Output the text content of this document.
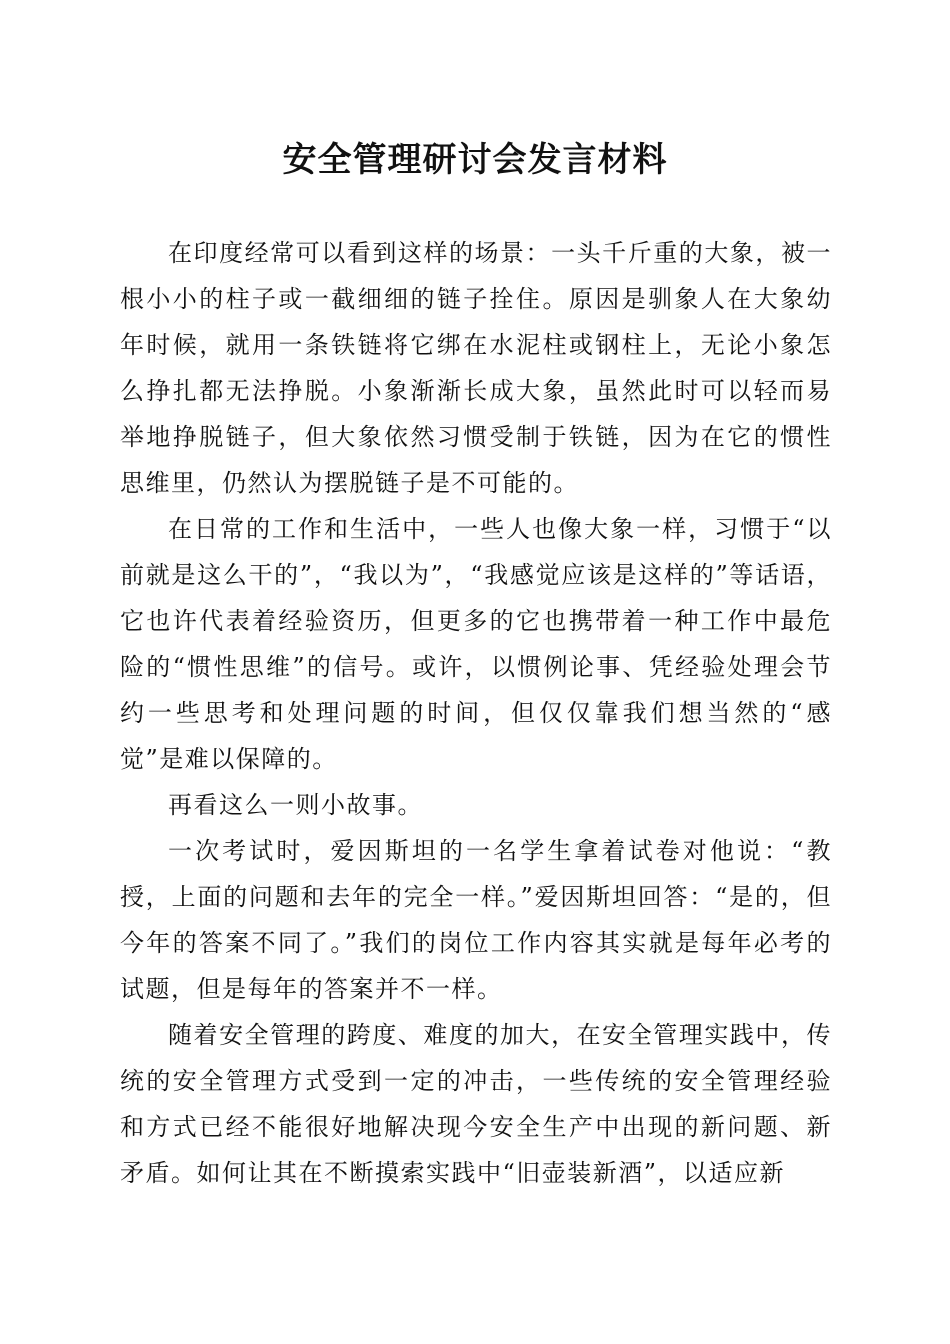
安全管理研讨会发言材料

在印度经常可以看到这样的场景：一头千斤重的大象，被一根小小的柱子或一截细细的链子拴住。原因是驯象人在大象幼年时候，就用一条铁链将它绑在水泥柱或钢柱上，无论小象怎么挣扎都无法挣脱。小象渐渐长成大象，虽然此时可以轻而易举地挣脱链子，但大象依然习惯受制于铁链，因为在它的惯性思维里，仍然认为摆脱链子是不可能的。

在日常的工作和生活中，一些人也像大象一样，习惯于“以前就是这么干的”，“我以为”，“我感觉应该是这样的”等话语，它也许代表着经验资历，但更多的它也携带着一种工作中最危险的“惯性思维”的信号。或许，以惯例论事、凭经验处理会节约一些思考和处理问题的时间，但仅仅靠我们想当然的“感觉”是难以保障的。

再看这么一则小故事。

一次考试时，爱因斯坦的一名学生拿着试卷对他说：“教授，上面的问题和去年的完全一样。”爱因斯坦回答：“是的，但今年的答案不同了。”我们的岗位工作内容其实就是每年必考的试题，但是每年的答案并不一样。

随着安全管理的跨度、难度的加大，在安全管理实践中，传统的安全管理方式受到一定的冲击，一些传统的安全管理经验和方式已经不能很好地解决现今安全生产中出现的新问题、新矛盾。如何让其在不断摸索实践中“旧壶装新酒”，以适应新
